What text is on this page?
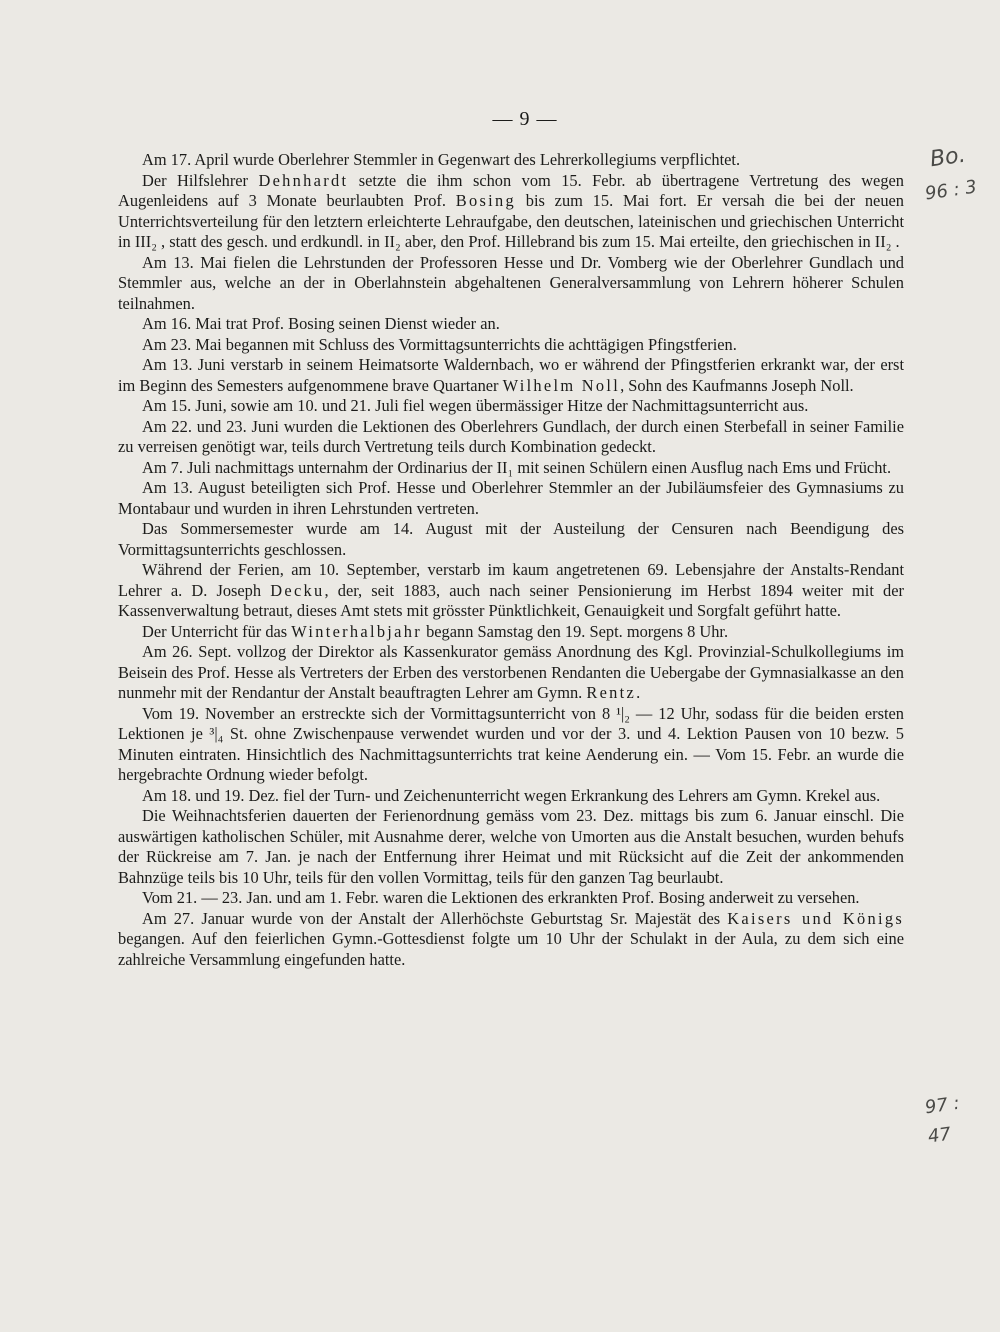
— 9 —

Am 17. April wurde Oberlehrer Stemmler in Gegenwart des Lehrerkollegiums verpflichtet.

Der Hilfslehrer Dehnhardt setzte die ihm schon vom 15. Febr. ab übertragene Vertretung des wegen Augenleidens auf 3 Monate beurlaubten Prof. Bosing bis zum 15. Mai fort. Er versah die bei der neuen Unterrichtsverteilung für den letztern erleichterte Lehraufgabe, den deutschen, lateinischen und griechischen Unterricht in III₂ , statt des gesch. und erdkundl. in II₂ aber, den Prof. Hillebrand bis zum 15. Mai erteilte, den griechischen in II₂ .

Am 13. Mai fielen die Lehrstunden der Professoren Hesse und Dr. Vomberg wie der Oberlehrer Gundlach und Stemmler aus, welche an der in Oberlahnstein abgehaltenen Generalversammlung von Lehrern höherer Schulen teilnahmen.

Am 16. Mai trat Prof. Bosing seinen Dienst wieder an.

Am 23. Mai begannen mit Schluss des Vormittagsunterrichts die achttägigen Pfingstferien.

Am 13. Juni verstarb in seinem Heimatsorte Waldernbach, wo er während der Pfingstferien erkrankt war, der erst im Beginn des Semesters aufgenommene brave Quartaner Wilhelm Noll, Sohn des Kaufmanns Joseph Noll.

Am 15. Juni, sowie am 10. und 21. Juli fiel wegen übermässiger Hitze der Nachmittagsunterricht aus.

Am 22. und 23. Juni wurden die Lektionen des Oberlehrers Gundlach, der durch einen Sterbefall in seiner Familie zu verreisen genötigt war, teils durch Vertretung teils durch Kombination gedeckt.

Am 7. Juli nachmittags unternahm der Ordinarius der II₁ mit seinen Schülern einen Ausflug nach Ems und Frücht.

Am 13. August beteiligten sich Prof. Hesse und Oberlehrer Stemmler an der Jubiläumsfeier des Gymnasiums zu Montabaur und wurden in ihren Lehrstunden vertreten.

Das Sommersemester wurde am 14. August mit der Austeilung der Censuren nach Beendigung des Vormittagsunterrichts geschlossen.

Während der Ferien, am 10. September, verstarb im kaum angetretenen 69. Lebensjahre der Anstalts-Rendant Lehrer a. D. Joseph Decku, der, seit 1883, auch nach seiner Pensionierung im Herbst 1894 weiter mit der Kassenverwaltung betraut, dieses Amt stets mit grösster Pünktlichkeit, Genauigkeit und Sorgfalt geführt hatte.

Der Unterricht für das Winterhalbjahr begann Samstag den 19. Sept. morgens 8 Uhr.

Am 26. Sept. vollzog der Direktor als Kassenkurator gemäss Anordnung des Kgl. Provinzial-Schulkollegiums im Beisein des Prof. Hesse als Vertreters der Erben des verstorbenen Rendanten die Uebergabe der Gymnasialkasse an den nunmehr mit der Rendantur der Anstalt beauftragten Lehrer am Gymn. Rentz.

Vom 19. November an erstreckte sich der Vormittagsunterricht von 8 ¹|₂ — 12 Uhr, sodass für die beiden ersten Lektionen je ³|₄ St. ohne Zwischenpause verwendet wurden und vor der 3. und 4. Lektion Pausen von 10 bezw. 5 Minuten eintraten. Hinsichtlich des Nachmittagsunterrichts trat keine Aenderung ein. — Vom 15. Febr. an wurde die hergebrachte Ordnung wieder befolgt.

Am 18. und 19. Dez. fiel der Turn- und Zeichenunterricht wegen Erkrankung des Lehrers am Gymn. Krekel aus.

Die Weihnachtsferien dauerten der Ferienordnung gemäss vom 23. Dez. mittags bis zum 6. Januar einschl. Die auswärtigen katholischen Schüler, mit Ausnahme derer, welche von Umorten aus die Anstalt besuchen, wurden behufs der Rückreise am 7. Jan. je nach der Entfernung ihrer Heimat und mit Rücksicht auf die Zeit der ankommenden Bahnzüge teils bis 10 Uhr, teils für den vollen Vormittag, teils für den ganzen Tag beurlaubt.

Vom 21. — 23. Jan. und am 1. Febr. waren die Lektionen des erkrankten Prof. Bosing anderweit zu versehen.

Am 27. Januar wurde von der Anstalt der Allerhöchste Geburtstag Sr. Majestät des Kaisers und Königs begangen. Auf den feierlichen Gymn.-Gottesdienst folgte um 10 Uhr der Schulakt in der Aula, zu dem sich eine zahlreiche Versammlung eingefunden hatte.

Bo.
96 : 3
97 :
47
